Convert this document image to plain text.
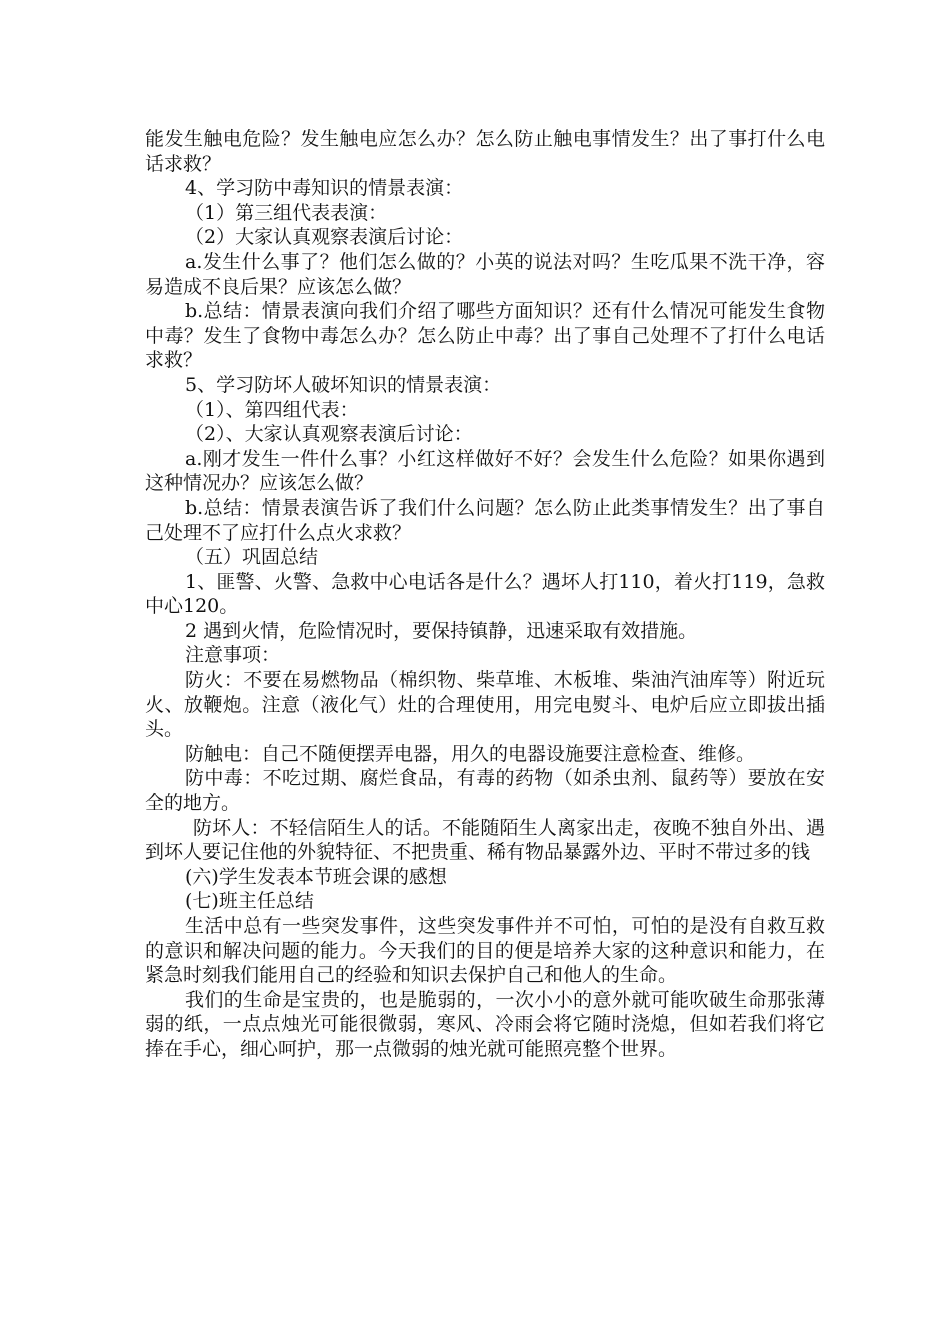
能发生触电危险？发生触电应怎么办？怎么防止触电事情发生？出了事打什么电话求救？

4、学习防中毒知识的情景表演：

（1）第三组代表表演：

（2）大家认真观察表演后讨论：

a.发生什么事了？他们怎么做的？小英的说法对吗？生吃瓜果不洗干净，容易造成不良后果？应该怎么做？

b.总结：情景表演向我们介绍了哪些方面知识？还有什么情况可能发生食物中毒？发生了食物中毒怎么办？怎么防止中毒？出了事自己处理不了打什么电话求救？

5、学习防坏人破坏知识的情景表演：

（1）、第四组代表：

（2）、大家认真观察表演后讨论：

a.刚才发生一件什么事？小红这样做好不好？会发生什么危险？如果你遇到这种情况办？应该怎么做？

b.总结：情景表演告诉了我们什么问题？怎么防止此类事情发生？出了事自己处理不了应打什么点火求救？

（五）巩固总结

1、匪警、火警、急救中心电话各是什么？遇坏人打110，着火打119，急救中心120。

2 遇到火情，危险情况时，要保持镇静，迅速采取有效措施。

注意事项：

防火：不要在易燃物品（棉织物、柴草堆、木板堆、柴油汽油库等）附近玩火、放鞭炮。注意（液化气）灶的合理使用，用完电熨斗、电炉后应立即拔出插头。

防触电：自己不随便摆弄电器，用久的电器设施要注意检查、维修。

防中毒：不吃过期、腐烂食品，有毒的药物（如杀虫剂、鼠药等）要放在安全的地方。

防坏人：不轻信陌生人的话。不能随陌生人离家出走，夜晚不独自外出、遇到坏人要记住他的外貌特征、不把贵重、稀有物品暴露外边、平时不带过多的钱

(六)学生发表本节班会课的感想

(七)班主任总结

生活中总有一些突发事件，这些突发事件并不可怕，可怕的是没有自救互救的意识和解决问题的能力。今天我们的目的便是培养大家的这种意识和能力，在紧急时刻我们能用自己的经验和知识去保护自己和他人的生命。

我们的生命是宝贵的，也是脆弱的，一次小小的意外就可能吹破生命那张薄弱的纸，一点点烛光可能很微弱，寒风、冷雨会将它随时浇熄，但如若我们将它捧在手心，细心呵护，那一点微弱的烛光就可能照亮整个世界。
